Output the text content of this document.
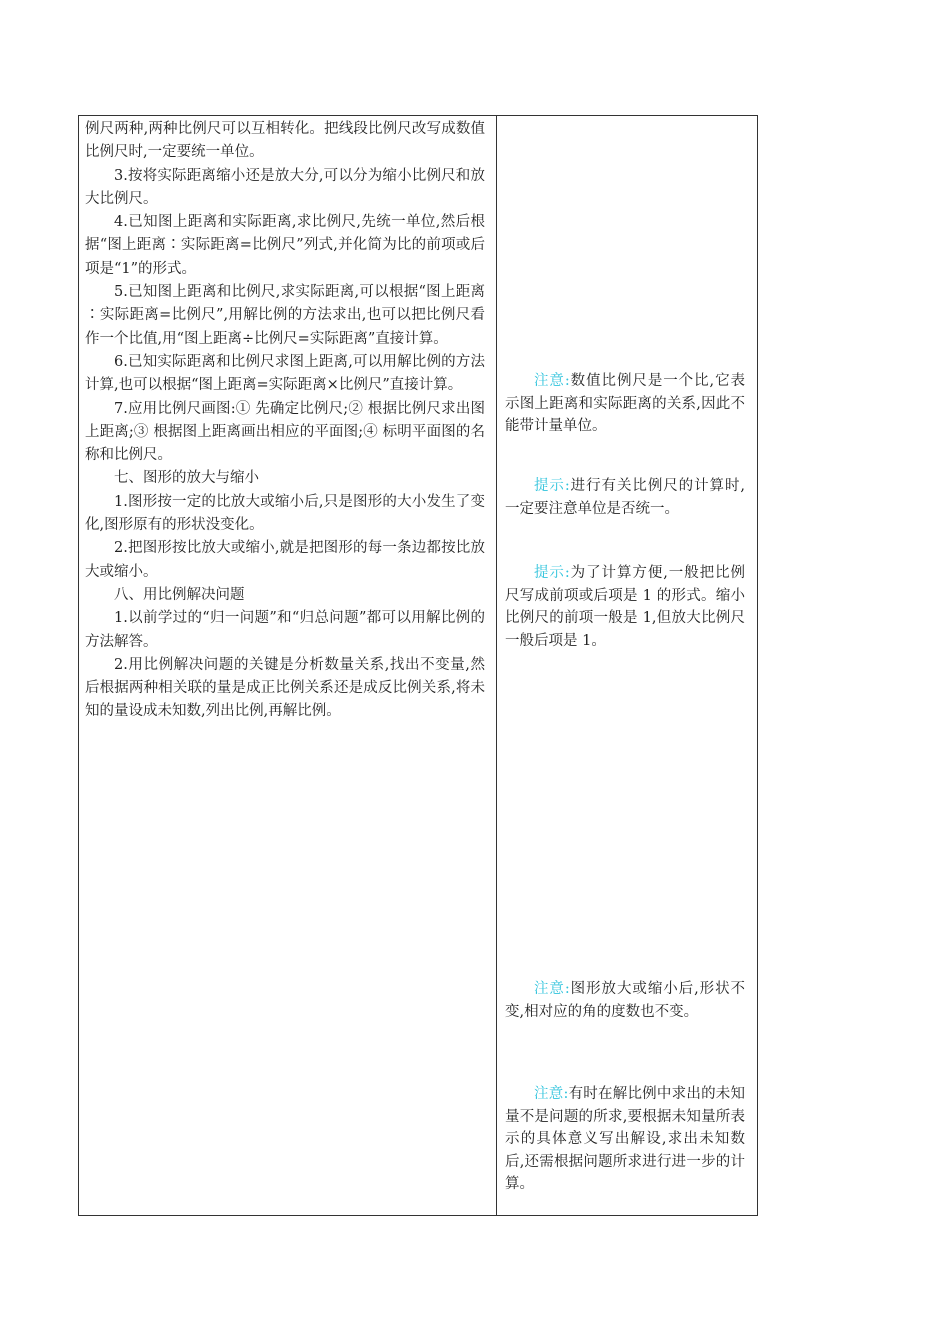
例尺两种,两种比例尺可以互相转化。把线段比例尺改写成数值比例尺时,一定要统一单位。

3.按将实际距离缩小还是放大分,可以分为缩小比例尺和放大比例尺。

4.已知图上距离和实际距离,求比例尺,先统一单位,然后根据“图上距离∶实际距离=比例尺”列式,并化简为比的前项或后项是“1”的形式。

5.已知图上距离和比例尺,求实际距离,可以根据“图上距离∶实际距离=比例尺”,用解比例的方法求出,也可以把比例尺看作一个比值,用“图上距离÷比例尺=实际距离”直接计算。

6.已知实际距离和比例尺求图上距离,可以用解比例的方法计算,也可以根据“图上距离=实际距离×比例尺”直接计算。

7.应用比例尺画图:① 先确定比例尺;② 根据比例尺求出图上距离;③ 根据图上距离画出相应的平面图;④ 标明平面图的名称和比例尺。

七、图形的放大与缩小

1.图形按一定的比放大或缩小后,只是图形的大小发生了变化,图形原有的形状没变化。

2.把图形按比放大或缩小,就是把图形的每一条边都按比放大或缩小。

八、用比例解决问题

1.以前学过的“归一问题”和“归总问题”都可以用解比例的方法解答。

2.用比例解决问题的关键是分析数量关系,找出不变量,然后根据两种相关联的量是成正比例关系还是成反比例关系,将未知的量设成未知数,列出比例,再解比例。

注意:数值比例尺是一个比,它表示图上距离和实际距离的关系,因此不能带计量单位。

提示:进行有关比例尺的计算时,一定要注意单位是否统一。

提示:为了计算方便,一般把比例尺写成前项或后项是 1 的形式。缩小比例尺的前项一般是 1,但放大比例尺一般后项是 1。

注意:图形放大或缩小后,形状不变,相对应的角的度数也不变。

注意:有时在解比例中求出的未知量不是问题的所求,要根据未知量所表示的具体意义写出解设,求出未知数后,还需根据问题所求进行进一步的计算。
